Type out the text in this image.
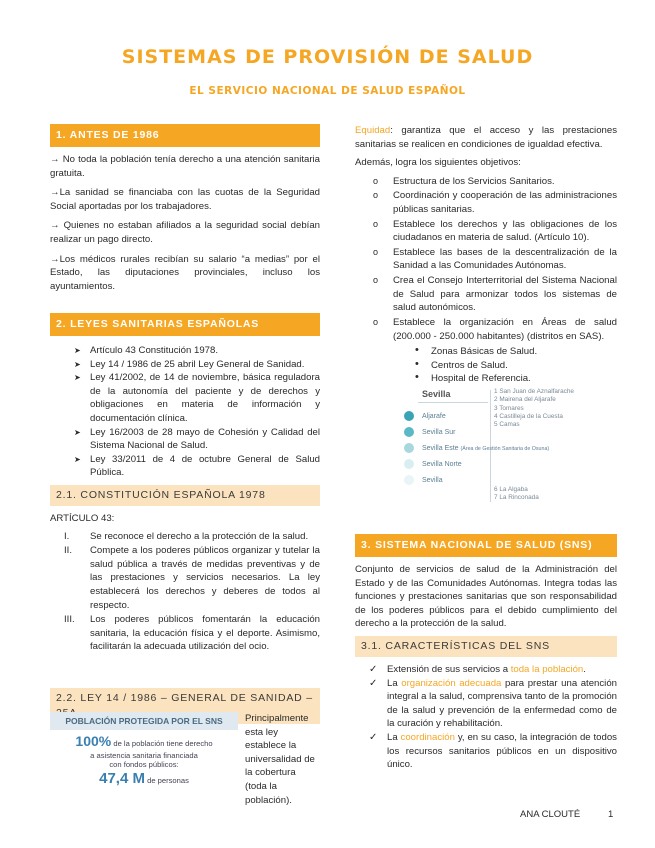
SISTEMAS DE PROVISIÓN DE SALUD
EL SERVICIO NACIONAL DE SALUD ESPAÑOL
1. ANTES DE 1986

→ No toda la población tenía derecho a una atención sanitaria gratuita.

→La sanidad se financiaba con las cuotas de la Seguridad Social aportadas por los trabajadores.

→ Quienes no estaban afiliados a la seguridad social debían realizar un pago directo.

→Los médicos rurales recibían su salario “a medias” por el Estado, las diputaciones provinciales, incluso los ayuntamientos.

2. LEYES SANITARIAS ESPAÑOLAS
➤ Artículo 43 Constitución 1978.
➤ Ley 14 / 1986 de 25 abril Ley General de Sanidad.
➤ Ley 41/2002, de 14 de noviembre, básica reguladora de la autonomía del paciente y de derechos y obligaciones en materia de información y documentación clínica.
➤ Ley 16/2003 de 28 mayo de Cohesión y Calidad del Sistema Nacional de Salud.
➤ Ley 33/2011 de 4 de octubre General de Salud Pública.
2.1. CONSTITUCIÓN ESPAÑOLA 1978
ARTÍCULO 43:
I. Se reconoce el derecho a la protección de la salud.
II. Compete a los poderes públicos organizar y tutelar la salud pública a través de medidas preventivas y de las prestaciones y servicios necesarios. La ley establecerá los derechos y deberes de todos al respecto.
III. Los poderes públicos fomentarán la educación sanitaria, la educación física y el deporte. Asimismo, facilitarán la adecuada utilización del ocio.
2.2. LEY 14 / 1986 – GENERAL DE SANIDAD –
POBLACIÓN PROTEGIDA POR EL SNS
100% de la población tiene derecho
a asistencia sanitaria financiada
con fondos públicos:
47,4 M de personas

Principalmente esta ley establece la universalidad de la cobertura (toda la población).

Equidad: garantiza que el acceso y las prestaciones sanitarias se realicen en condiciones de igualdad efectiva.

Además, logra los siguientes objetivos:

o Estructura de los Servicios Sanitarios.
o Coordinación y cooperación de las administraciones públicas sanitarias.
o Establece los derechos y las obligaciones de los ciudadanos en materia de salud. (Artículo 10).
o Establece las bases de la descentralización de la Sanidad a las Comunidades Autónomas.
o Crea el Consejo Interterritorial del Sistema Nacional de Salud para armonizar todos los sistemas de salud autonómicos.
o Establece la organización en Áreas de salud (200.000 - 250.000 habitantes) (distritos en SAS).
• Zonas Básicas de Salud.
• Centros de Salud.
• Hospital de Referencia.
Sevilla
Aljarafe
Sevilla Sur
Sevilla Este (Área de Gestión Sanitaria de Osuna)
Sevilla Norte
Sevilla
1 San Juan de Aznalfarache
2 Mairena del Aljarafe
3 Tomares
4 Castilleja de la Cuesta
5 Camas
6 La Algaba
7 La Rinconada
3. SISTEMA NACIONAL DE SALUD (SNS)

Conjunto de servicios de salud de la Administración del Estado y de las Comunidades Autónomas. Integra todas las funciones y prestaciones sanitarias que son responsabilidad de los poderes públicos para el debido cumplimiento del derecho a la protección de la salud.

3.1. CARACTERÍSTICAS DEL SNS
✓ Extensión de sus servicios a toda la población.
✓ La organización adecuada para prestar una atención integral a la salud, comprensiva tanto de la promoción de la salud y prevención de la enfermedad como de la curación y rehabilitación.
✓ La coordinación y, en su caso, la integración de todos los recursos sanitarios públicos en un dispositivo único.
ANA CLOUTÉ	1
